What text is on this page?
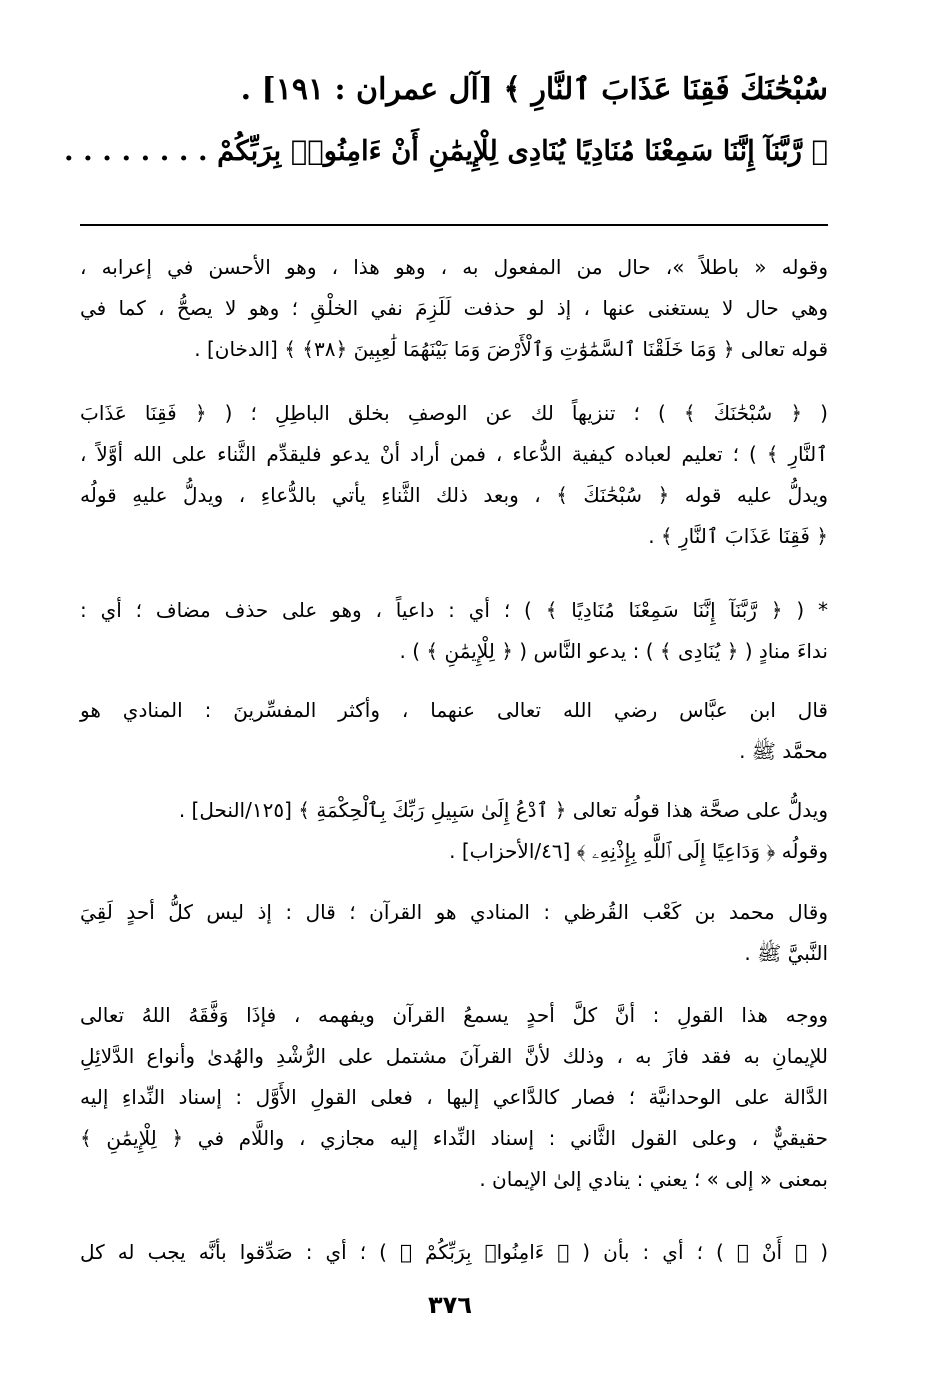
سُبْحَٰنَكَ فَقِنَا عَذَابَ ٱلنَّارِ ﴾ [آل عمران : ١٩١] .
﴿ رَّبَّنَآ إِنَّنَا سَمِعْنَا مُنَادِيًا يُنَادِى لِلْإِيمَٰنِ أَنْ ءَامِنُوا۟ بِرَبِّكُمْ . . . . . . . .
وقوله « باطلاً »، حال من المفعول به ، وهو هذا ، وهو الأحسن في إعرابه ،
وهي حال لا يستغنى عنها ، إذ لو حذفت لَلَزِمَ نفي الخلْقِ ؛ وهو لا يصحُّ ، كما في
قوله تعالى ﴿ وَمَا خَلَقْنَا ٱلسَّمَٰوَٰتِ وَٱلْأَرْضَ وَمَا بَيْنَهُمَا لَٰعِبِينَ ﴿٣٨﴾ ﴾ [الدخان] .
( ﴿ سُبْحَٰنَكَ ﴾ ) ؛ تنزيهاً لك عن الوصفِ بخلق الباطِلِ ؛ ( ﴿ فَقِنَا عَذَابَ
ٱلنَّارِ ﴾ ) ؛ تعليم لعباده كيفية الدُّعاء ، فمن أراد أنْ يدعو فليقدِّم الثَّناء على الله أوَّلاً ،
ويدلُّ عليه قوله ﴿ سُبْحَٰنَكَ ﴾ ، وبعد ذلك الثَّناءِ يأتي بالدُّعاءِ ، ويدلُّ عليهِ قولُه
﴿ فَقِنَا عَذَابَ ٱلنَّارِ ﴾ .
* ( ﴿ رَّبَّنَآ إِنَّنَا سَمِعْنَا مُنَادِيًا ﴾ ) ؛ أي : داعياً ، وهو على حذف مضاف ؛ أي :
نداءَ منادٍ ( ﴿ يُنَادِى ﴾ ) : يدعو النَّاس ( ﴿ لِلْإِيمَٰنِ ﴾ ) .
قال ابن عبَّاس رضي الله تعالى عنهما ، وأكثر المفسِّرينَ : المنادي هو
محمَّد ﷺ .
ويدلُّ على صحَّة هذا قولُه تعالى ﴿ ٱدْعُ إِلَىٰ سَبِيلِ رَبِّكَ بِٱلْحِكْمَةِ ﴾ [١٢٥/النحل] .
وقولُه ﴿ وَدَاعِيًا إِلَى ٱللَّهِ بِإِذْنِهِۦ ﴾ [٤٦/الأحزاب] .
وقال محمد بن كَعْب القُرظي : المنادي هو القرآن ؛ قال : إذ ليس كلُّ أحدٍ لَقِيَ
النَّبيَّ ﷺ .
ووجه هذا القولِ : أنَّ كلَّ أحدٍ يسمعُ القرآن ويفهمه ، فإذَا وَفَّقَهُ اللهُ تعالى
للإيمانِ به فقد فازَ به ، وذلك لأنَّ القرآنَ مشتمل على الرُّشْدِ والهُدىٰ وأنواع الدَّلائِلِ
الدَّالة على الوحدانيَّة ؛ فصار كالدَّاعي إليها ، فعلى القولِ الأَوَّل : إسناد النِّداءِ إليه
حقيقيٌّ ، وعلى القول الثَّاني : إسناد النِّداء إليه مجازي ، واللَّام في ﴿ لِلْإِيمَٰنِ ﴾
بمعنى « إلى » ؛ يعني : ينادي إلىٰ الإيمان .
( ﴿ أَنْ ﴾ ) ؛ أي : بأن ( ﴿ ءَامِنُوا۟ بِرَبِّكُمْ ﴾ ) ؛ أي : صَدِّقوا بأنَّه يجب له كل
٣٧٦
